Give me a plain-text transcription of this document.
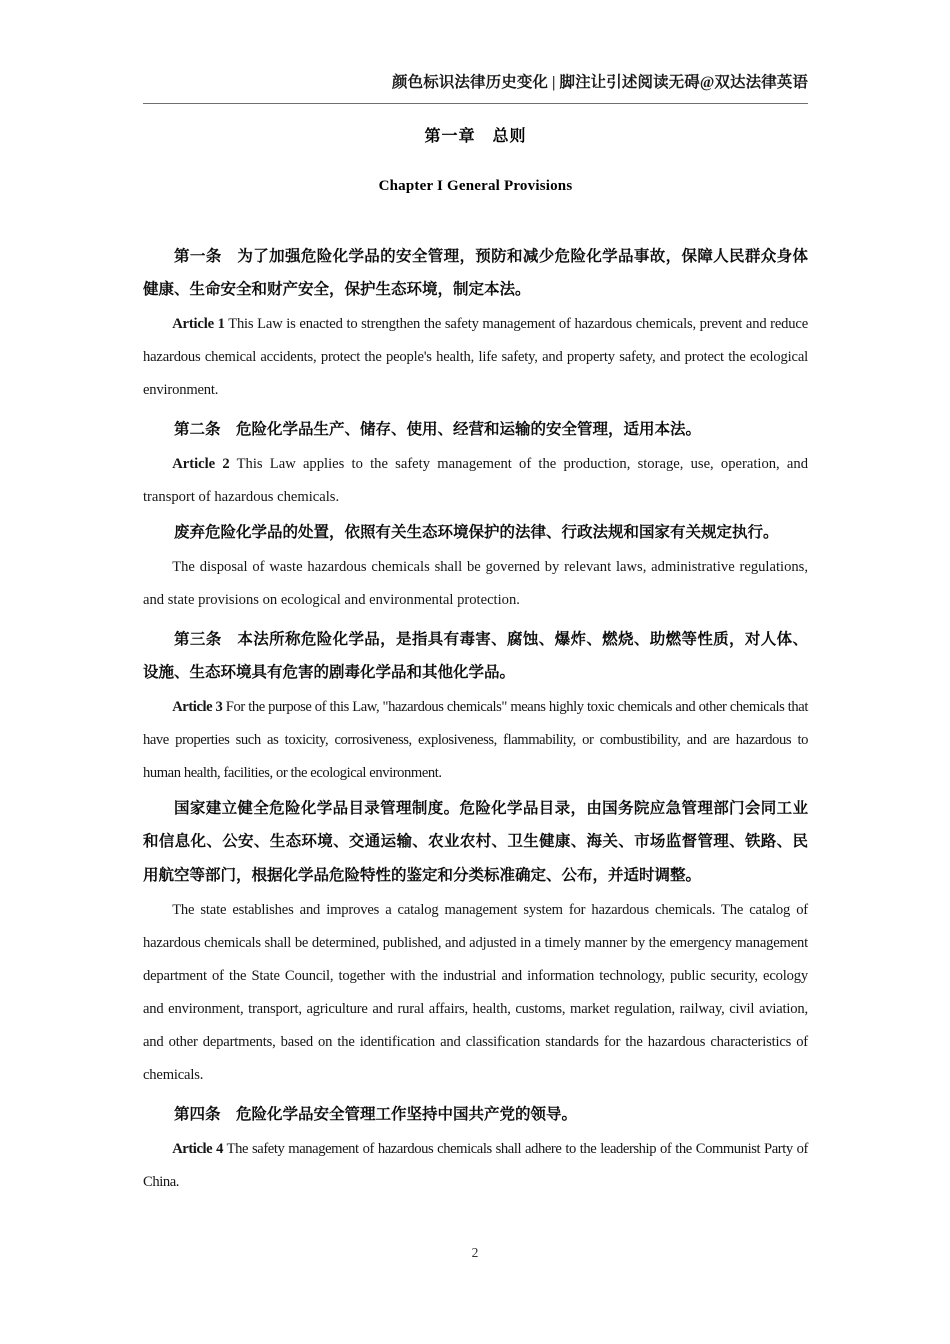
颜色标识法律历史变化 | 脚注让引述阅读无碍@双达法律英语
第一章　总则
Chapter I General Provisions

第一条　为了加强危险化学品的安全管理，预防和减少危险化学品事故，保障人民群众身体健康、生命安全和财产安全，保护生态环境，制定本法。

Article 1 This Law is enacted to strengthen the safety management of hazardous chemicals, prevent and reduce hazardous chemical accidents, protect the people's health, life safety, and property safety, and protect the ecological environment.

第二条　危险化学品生产、储存、使用、经营和运输的安全管理，适用本法。

Article 2 This Law applies to the safety management of the production, storage, use, operation, and transport of hazardous chemicals.

废弃危险化学品的处置，依照有关生态环境保护的法律、行政法规和国家有关规定执行。

The disposal of waste hazardous chemicals shall be governed by relevant laws, administrative regulations, and state provisions on ecological and environmental protection.

第三条　本法所称危险化学品，是指具有毒害、腐蚀、爆炸、燃烧、助燃等性质，对人体、设施、生态环境具有危害的剧毒化学品和其他化学品。

Article 3 For the purpose of this Law, "hazardous chemicals" means highly toxic chemicals and other chemicals that have properties such as toxicity, corrosiveness, explosiveness, flammability, or combustibility, and are hazardous to human health, facilities, or the ecological environment.

国家建立健全危险化学品目录管理制度。危险化学品目录，由国务院应急管理部门会同工业和信息化、公安、生态环境、交通运输、农业农村、卫生健康、海关、市场监督管理、铁路、民用航空等部门，根据化学品危险特性的鉴定和分类标准确定、公布，并适时调整。

The state establishes and improves a catalog management system for hazardous chemicals. The catalog of hazardous chemicals shall be determined, published, and adjusted in a timely manner by the emergency management department of the State Council, together with the industrial and information technology, public security, ecology and environment, transport, agriculture and rural affairs, health, customs, market regulation, railway, civil aviation, and other departments, based on the identification and classification standards for the hazardous characteristics of chemicals.

第四条　危险化学品安全管理工作坚持中国共产党的领导。

Article 4 The safety management of hazardous chemicals shall adhere to the leadership of the Communist Party of China.

2
